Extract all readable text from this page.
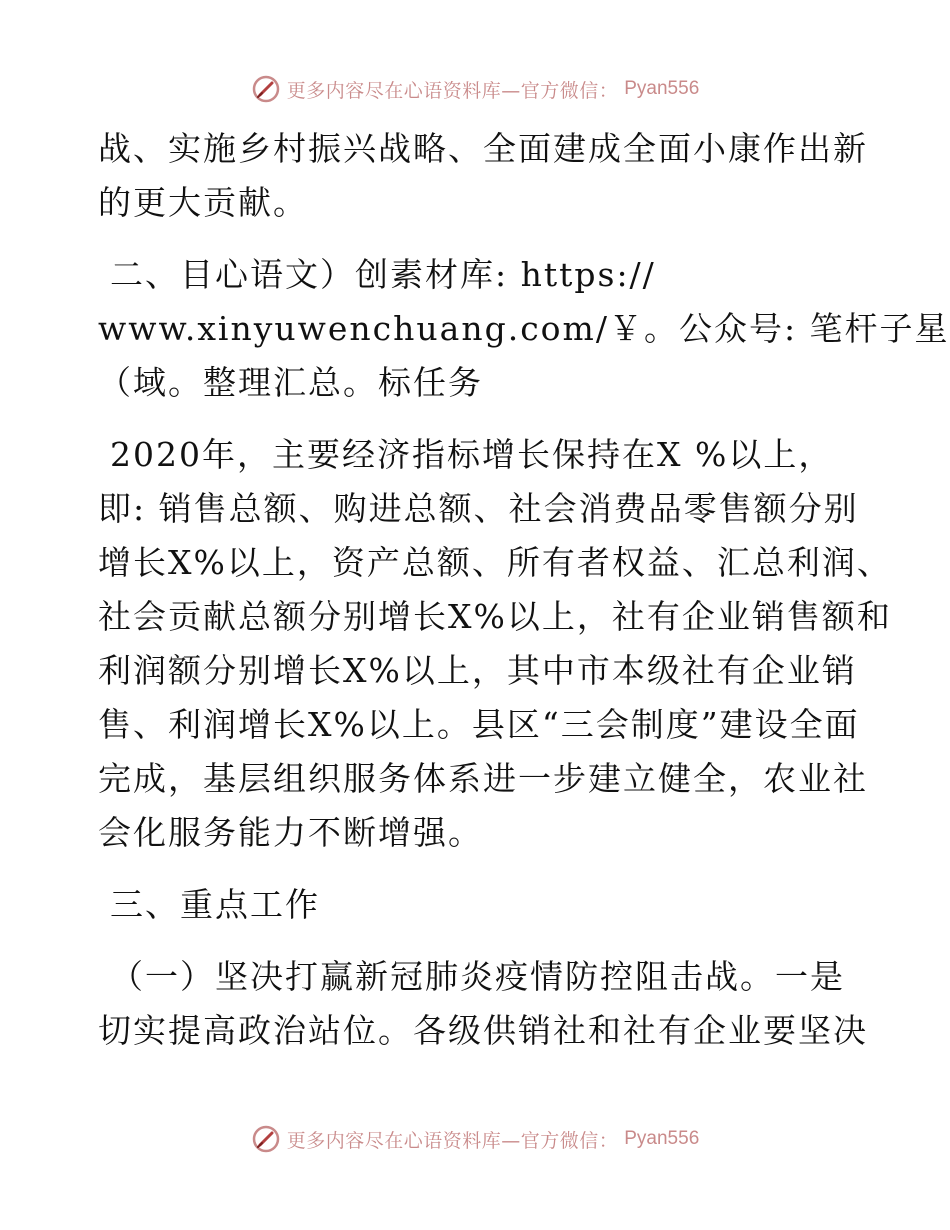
更多内容尽在心语资料库—官方微信： Pyan556

战、实施乡村振兴战略、全面建成全面小康作出新

的更大贡献。

二、目心语文）创素材库: https://

www.xinyuwenchuang.com/￥。公众号: 笔杆子星

（域。整理汇总。标任务

2020年，主要经济指标增长保持在X %以上，

即: 销售总额、购进总额、社会消费品零售额分别

增长X%以上，资产总额、所有者权益、汇总利润、

社会贡献总额分别增长X%以上，社有企业销售额和

利润额分别增长X%以上，其中市本级社有企业销

售、利润增长X%以上。县区“三会制度”建设全面

完成，基层组织服务体系进一步建立健全，农业社

会化服务能力不断增强。

三、重点工作

（一）坚决打赢新冠肺炎疫情防控阻击战。一是

切实提高政治站位。各级供销社和社有企业要坚决

更多内容尽在心语资料库—官方微信： Pyan556
